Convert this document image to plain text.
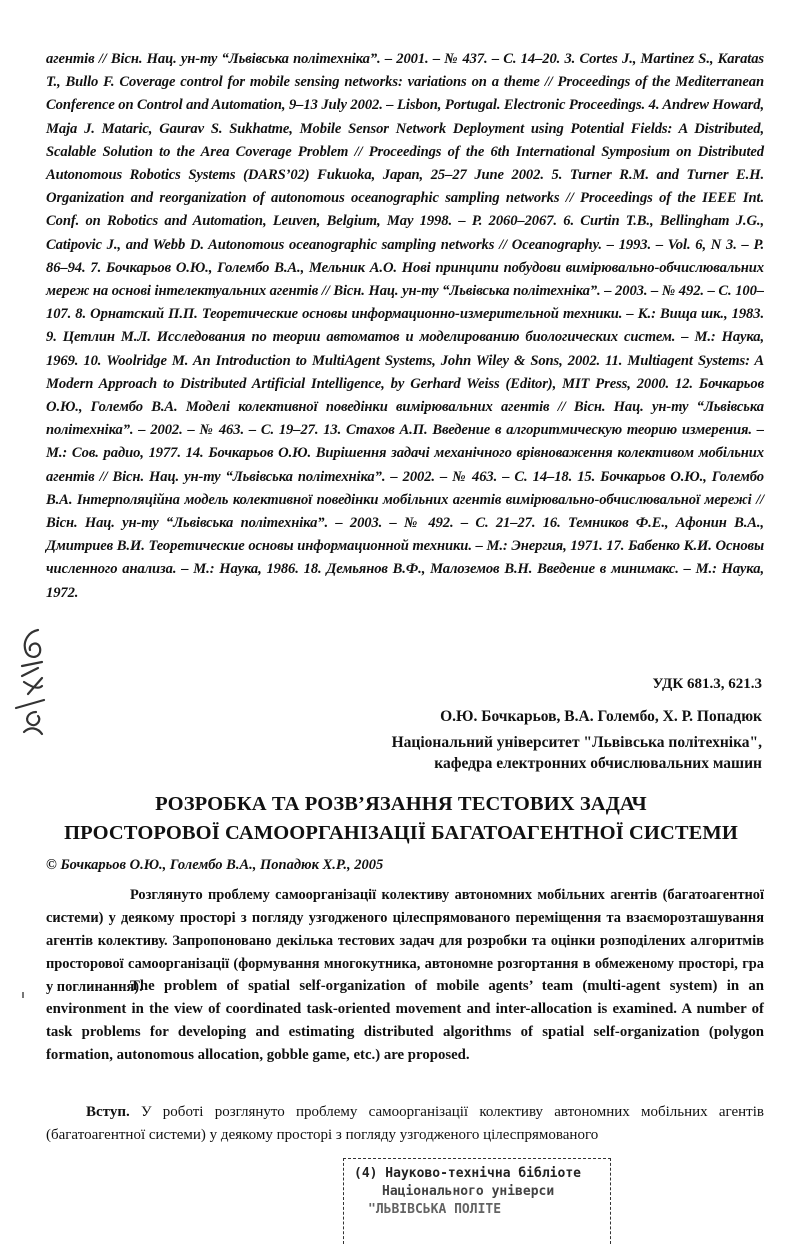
агентів // Вісн. Нац. ун-ту “Львівська політехніка”. – 2001. – № 437. – С. 14–20. 3. Cortes J., Martinez S., Karatas T., Bullo F. Coverage control for mobile sensing networks: variations on a theme // Proceedings of the Mediterranean Conference on Control and Automation, 9–13 July 2002. – Lisbon, Portugal. Electronic Proceedings. 4. Andrew Howard, Maja J. Mataric, Gaurav S. Sukhatme, Mobile Sensor Network Deployment using Potential Fields: A Distributed, Scalable Solution to the Area Coverage Problem // Proceedings of the 6th International Symposium on Distributed Autonomous Robotics Systems (DARS’02) Fukuoka, Japan, 25–27 June 2002. 5. Turner R.M. and Turner E.H. Organization and reorganization of autonomous oceanographic sampling networks // Proceedings of the IEEE Int. Conf. on Robotics and Automation, Leuven, Belgium, May 1998. – P. 2060–2067. 6. Curtin T.B., Bellingham J.G., Catipovic J., and Webb D. Autonomous oceanographic sampling networks // Oceanography. – 1993. – Vol. 6, N 3. – P. 86–94. 7. Бочкарьов О.Ю., Голембо В.А., Мельник А.О. Нові принципи побудови вимірювально-обчислювальних мереж на основі інтелектуальних агентів // Вісн. Нац. ун-ту “Львівська політехніка”. – 2003. – № 492. – С. 100–107. 8. Орнатский П.П. Теоретические основы информационно-измерительной техники. – К.: Вища шк., 1983. 9. Цетлин М.Л. Исследования по теории автоматов и моделированию биологических систем. – М.: Наука, 1969. 10. Woolridge M. An Introduction to MultiAgent Systems, John Wiley & Sons, 2002. 11. Multiagent Systems: A Modern Approach to Distributed Artificial Intelligence, by Gerhard Weiss (Editor), MIT Press, 2000. 12. Бочкарьов О.Ю., Голембо В.А. Моделі колективної поведінки вимірювальних агентів // Вісн. Нац. ун-ту “Львівська політехніка”. – 2002. – № 463. – С. 19–27. 13. Стахов А.П. Введение в алгоритмическую теорию измерения. – М.: Сов. радио, 1977. 14. Бочкарьов О.Ю. Вирішення задачі механічного врівноваження колективом мобільних агентів // Вісн. Нац. ун-ту “Львівська політехніка”. – 2002. – № 463. – С. 14–18. 15. Бочкарьов О.Ю., Голембо В.А. Інтерполяційна модель колективної поведінки мобільних агентів вимірювально-обчислювальної мережі // Вісн. Нац. ун-ту “Львівська політехніка”. – 2003. – № 492. – С. 21–27. 16. Темников Ф.Е., Афонин В.А., Дмитриев В.И. Теоретические основы информационной техники. – М.: Энергия, 1971. 17. Бабенко К.И. Основы численного анализа. – М.: Наука, 1986. 18. Демьянов В.Ф., Малоземов В.Н. Введение в минимакс. – М.: Наука, 1972.

617/сп.
УДК 681.3, 621.3
О.Ю. Бочкарьов, В.А. Голембо, Х. Р. Попадюк
Національний університет "Львівська політехніка",
кафедра електронних обчислювальних машин
РОЗРОБКА ТА РОЗВ’ЯЗАННЯ ТЕСТОВИХ ЗАДАЧ
ПРОСТОРОВОЇ САМООРГАНІЗАЦІЇ БАГАТОАГЕНТНОЇ СИСТЕМИ
© Бочкарьов О.Ю., Голембо В.А., Попадюк Х.Р., 2005

Розглянуто проблему самоорганізації колективу автономних мобільних агентів (багатоагентної системи) у деякому просторі з погляду узгодженого цілеспрямованого переміщення та взаєморозташування агентів колективу. Запропоновано декілька тестових задач для розробки та оцінки розподілених алгоритмів просторової самоорганізації (формування многокутника, автономне розгортання в обмеженому просторі, гра у поглинання).

The problem of spatial self-organization of mobile agents’ team (multi-agent system) in an environment in the view of coordinated task-oriented movement and inter-allocation is examined. A number of task problems for developing and estimating distributed algorithms of spatial self-organization (polygon formation, autonomous allocation, gobble game, etc.) are proposed.

Вступ. У роботі розглянуто проблему самоорганізації колективу автономних мобільних агентів (багатоагентної системи) у деякому просторі з погляду узгодженого цілеспрямованого

(4) Науково-технічна бібліоте
Національного універси
"ЛЬВІВСЬКА ПОЛІТЕ
